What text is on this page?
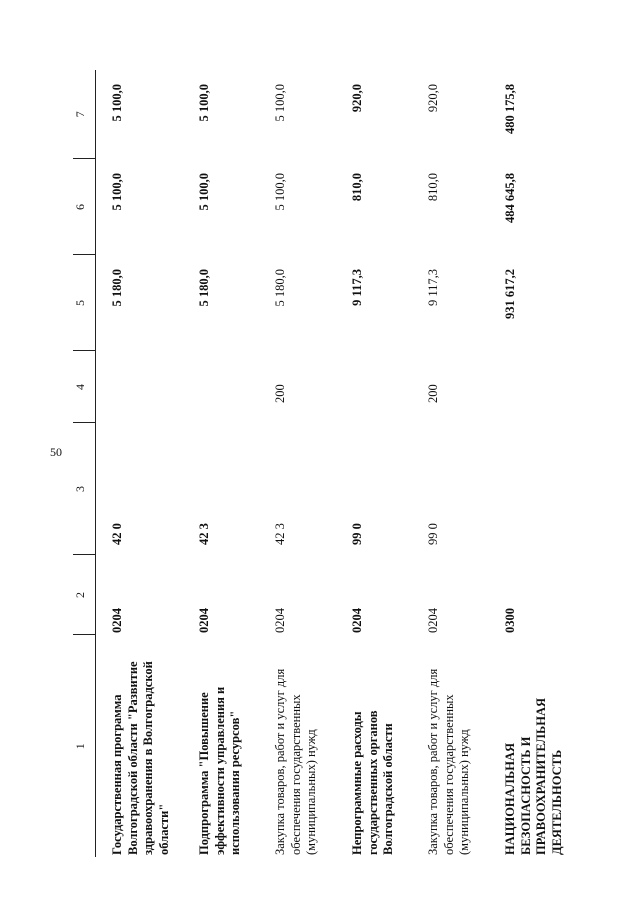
50
1	2	3	4	5	6	7
Государственная программа Волгоградской области "Развитие здравоохранения в Волгоградской области"	0204	42 0		5 180,0	5 100,0	5 100,0
Подпрограмма "Повышение эффективности управления и использования ресурсов"	0204	42 3		5 180,0	5 100,0	5 100,0
Закупка товаров, работ и услуг для обеспечения государственных (муниципальных) нужд	0204	42 3	200	5 180,0	5 100,0	5 100,0
Непрограммные расходы государственных органов Волгоградской области	0204	99 0		9 117,3	810,0	920,0
Закупка товаров, работ и услуг для обеспечения государственных (муниципальных) нужд	0204	99 0	200	9 117,3	810,0	920,0
НАЦИОНАЛЬНАЯ БЕЗОПАСНОСТЬ И ПРАВООХРАНИТЕЛЬНАЯ ДЕЯТЕЛЬНОСТЬ	0300			931 617,2	484 645,8	480 175,8
